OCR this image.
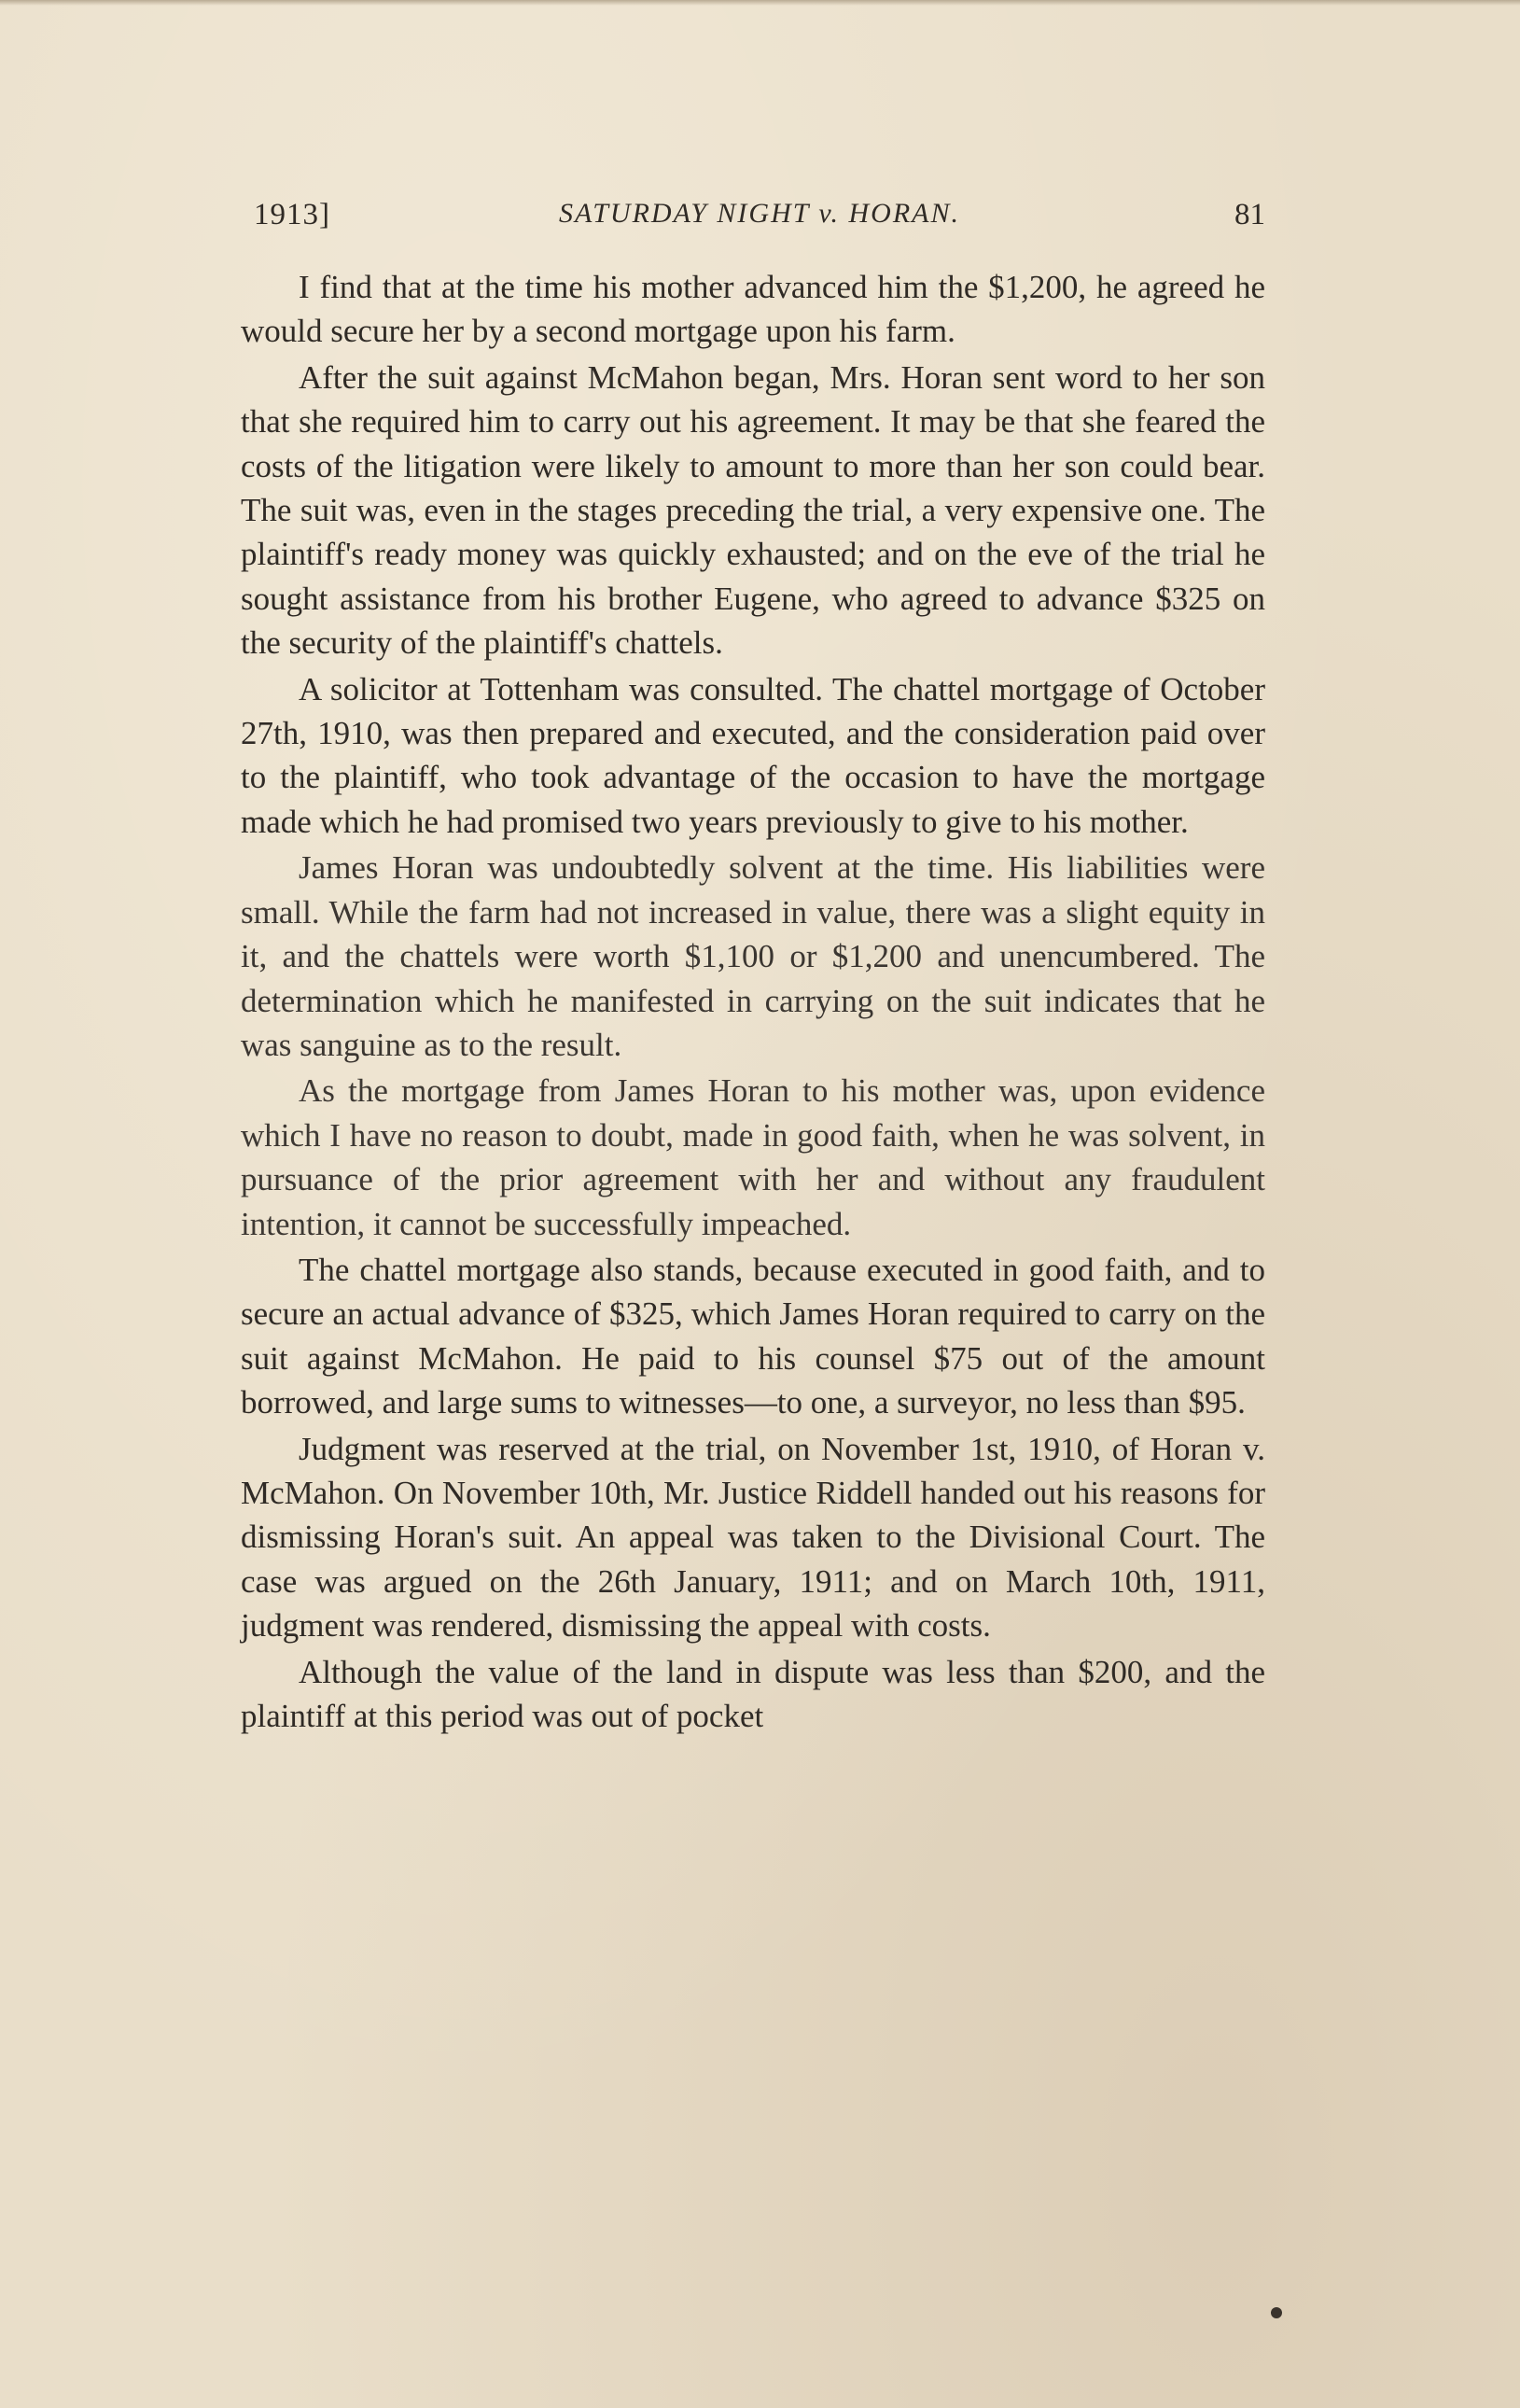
1913]	SATURDAY NIGHT v. HORAN.	81

I find that at the time his mother advanced him the $1,200, he agreed he would secure her by a second mortgage upon his farm.

After the suit against McMahon began, Mrs. Horan sent word to her son that she required him to carry out his agreement. It may be that she feared the costs of the litigation were likely to amount to more than her son could bear. The suit was, even in the stages preceding the trial, a very expensive one. The plaintiff's ready money was quickly exhausted; and on the eve of the trial he sought assistance from his brother Eugene, who agreed to advance $325 on the security of the plaintiff's chattels.

A solicitor at Tottenham was consulted. The chattel mortgage of October 27th, 1910, was then prepared and executed, and the consideration paid over to the plaintiff, who took advantage of the occasion to have the mortgage made which he had promised two years previously to give to his mother.

James Horan was undoubtedly solvent at the time. His liabilities were small. While the farm had not increased in value, there was a slight equity in it, and the chattels were worth $1,100 or $1,200 and unencumbered. The determination which he manifested in carrying on the suit indicates that he was sanguine as to the result.

As the mortgage from James Horan to his mother was, upon evidence which I have no reason to doubt, made in good faith, when he was solvent, in pursuance of the prior agreement with her and without any fraudulent intention, it cannot be successfully impeached.

The chattel mortgage also stands, because executed in good faith, and to secure an actual advance of $325, which James Horan required to carry on the suit against McMahon. He paid to his counsel $75 out of the amount borrowed, and large sums to witnesses—to one, a surveyor, no less than $95.

Judgment was reserved at the trial, on November 1st, 1910, of Horan v. McMahon. On November 10th, Mr. Justice Riddell handed out his reasons for dismissing Horan's suit. An appeal was taken to the Divisional Court. The case was argued on the 26th January, 1911; and on March 10th, 1911, judgment was rendered, dismissing the appeal with costs.

Although the value of the land in dispute was less than $200, and the plaintiff at this period was out of pocket
